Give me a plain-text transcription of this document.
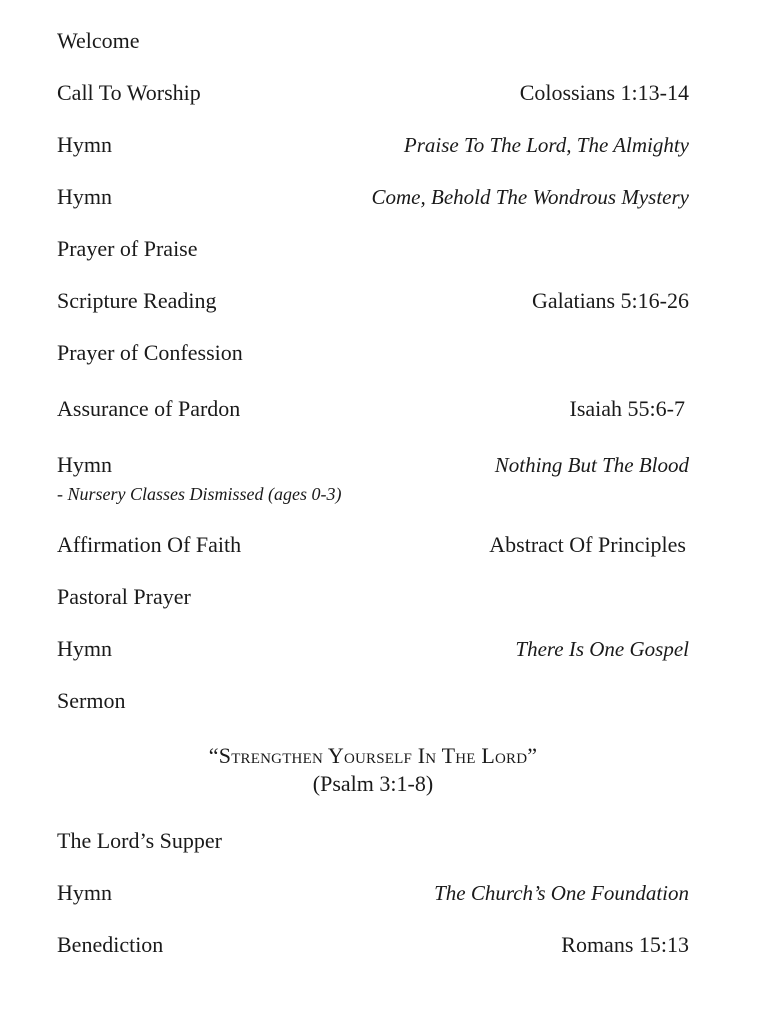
Welcome
Call To Worship	Colossians 1:13-14
Hymn	Praise To The Lord, The Almighty
Hymn	Come, Behold The Wondrous Mystery
Prayer of Praise
Scripture Reading	Galatians 5:16-26
Prayer of Confession
Assurance of Pardon	Isaiah 55:6-7
Hymn	Nothing But The Blood
- Nursery Classes Dismissed (ages 0-3)
Affirmation Of Faith	Abstract Of Principles
Pastoral Prayer
Hymn	There Is One Gospel
Sermon
“Strengthen Yourself In The Lord”
(Psalm 3:1-8)
The Lord’s Supper
Hymn	The Church’s One Foundation
Benediction	Romans 15:13
